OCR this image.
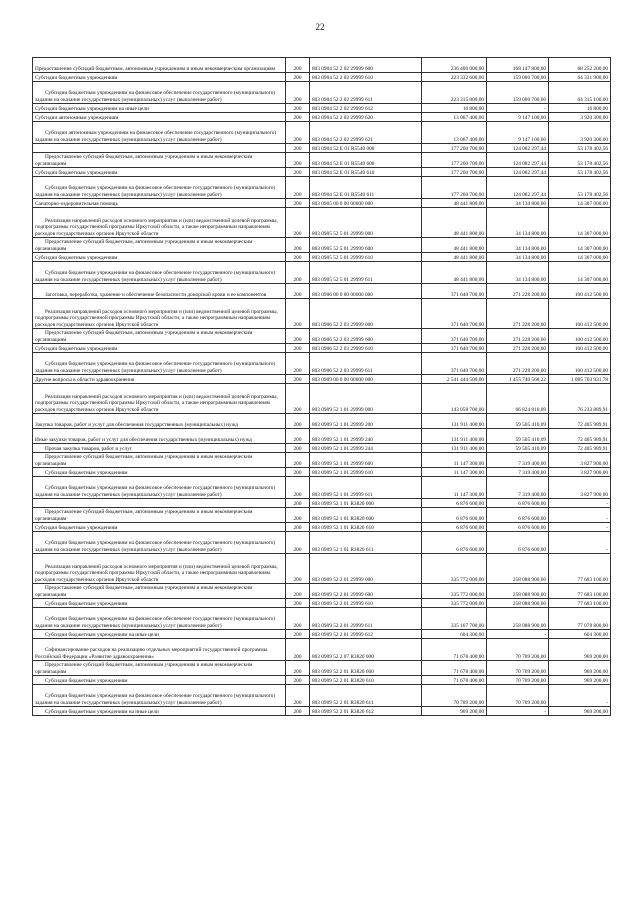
22
Предоставление субсидий бюджетным, автономным учреждениям и иным некоммерческим организациям	200	803 0904 52 2 02 29999 600	236 400 000,00	168 147 800,00	68 252 200,00
Субсидии бюджетным учреждениям	200	803 0904 52 2 02 29999 610	223 332 600,00	159 000 700,00	64 331 900,00
Субсидии бюджетным учреждениям на финансовое обеспечение государственного (муниципального) задания на оказание государственных (муниципальных) услуг (выполнение работ)	200	803 0904 52 2 02 29999 611	223 315 800,00	159 000 700,00	64 315 100,00
Субсидии бюджетным учреждениям на иные цели	200	803 0904 52 2 02 29999 612	16 800,00	-	16 800,00
Субсидии автономным учреждениям	200	803 0904 52 2 02 29999 620	13 067 400,00	9 147 100,00	3 920 300,00
Субсидии автономным учреждениям на финансовое обеспечение государственного (муниципального) задания на оказание государственных (муниципальных) услуг (выполнение работ)	200	803 0904 52 2 02 29999 621	13 067 400,00	9 147 100,00	3 920 300,00
	200	803 0904 52 Е 01 R5540 000	177 260 700,00	124 082 297,44	53 178 402,56
Предоставление субсидий бюджетным, автономным учреждениям и иным некоммерческим организациям	200	803 0904 52 Е 01 R5540 600	177 260 700,00	124 082 297,44	53 178 402,56
Субсидии бюджетным учреждениям	200	803 0904 52 Е 01 R5540 610	177 260 700,00	124 082 297,44	53 178 402,56
Субсидии бюджетным учреждениям на финансовое обеспечение государственного (муниципального) задания на оказание государственных (муниципальных) услуг (выполнение работ)	200	803 0904 52 Е 01 R5540 611	177 260 700,00	124 082 297,44	53 178 402,56
Санаторно-оздоровительная помощь	200	803 0905 00 0 00 00000 000	48 441 800,00	34 134 800,00	14 307 000,00
Реализация направлений расходов основного мероприятия и (или) ведомственной целевой программы, подпрограммы государственной программы Иркутской области, а также непрограммным направлениям расходов государственных органов Иркутской области	200	803 0905 52 5 01 29999 000	48 441 800,00	34 134 800,00	14 307 000,00
Предоставление субсидий бюджетным, автономным учреждениям и иным некоммерческим организациям	200	803 0905 52 5 01 29999 600	48 441 800,00	34 134 800,00	14 307 000,00
Субсидии бюджетным учреждениям	200	803 0905 52 5 01 29999 610	48 441 800,00	34 134 800,00	14 307 000,00
Субсидии бюджетным учреждениям на финансовое обеспечение государственного (муниципального) задания на оказание государственных (муниципальных) услуг (выполнение работ)	200	803 0905 52 5 01 29999 611	48 441 800,00	34 134 800,00	14 307 000,00
Заготовка, переработка, хранение и обеспечение безопасности донорской крови и ее компонентов	200	803 0906 00 0 00 00000 000	371 640 700,00	271 228 200,00	100 412 500,00
Реализация направлений расходов основного мероприятия и (или) ведомственной целевой программы, подпрограммы государственной программы Иркутской области, а также непрограммным направлениям расходов государственных органов Иркутской области	200	803 0906 52 2 03 29999 000	371 640 700,00	271 228 200,00	100 412 500,00
Предоставление субсидий бюджетным, автономным учреждениям и иным некоммерческим организациям	200	803 0906 52 2 03 29999 600	371 640 700,00	271 228 200,00	100 412 500,00
Субсидии бюджетным учреждениям	200	803 0906 52 2 03 29999 610	371 640 700,00	271 228 200,00	100 412 500,00
Субсидии бюджетным учреждениям на финансовое обеспечение государственного (муниципального) задания на оказание государственных (муниципальных) услуг (выполнение работ)	200	803 0906 52 2 03 29999 611	371 640 700,00	271 228 200,00	100 412 500,00
Другие вопросы в области здравоохранения	200	803 0909 00 0 00 00000 000	2 541 444 500,00	1 455 740 568,22	1 085 703 931,78
Реализация направлений расходов основного мероприятия и (или) ведомственной целевой программы, подпрограммы государственной программы Иркутской области, а также непрограммным направлениям расходов государственных органов Иркутской области	200	803 0909 52 1 01 29999 000	143 058 700,00	66 824 810,09	76 233 889,91
Закупка товаров, работ и услуг для обеспечения государственных (муниципальных) нужд	200	803 0909 52 1 01 29999 200	131 911 400,00	59 505 410,09	72 405 989,91
Иные закупки товаров, работ и услуг для обеспечения государственных (муниципальных) нужд	200	803 0909 52 1 01 29999 240	131 911 400,00	59 505 410,09	72 405 989,91
Прочая закупка товаров, работ и услуг	200	803 0909 52 1 01 29999 244	131 911 400,00	59 505 410,09	72 405 989,91
Предоставление субсидий бюджетным, автономным учреждениям и иным некоммерческим организациям	200	803 0909 52 1 01 29999 600	11 147 300,00	7 319 400,00	3 827 900,00
Субсидии бюджетным учреждениям	200	803 0909 52 1 01 29999 610	11 147 300,00	7 319 400,00	3 827 900,00
Субсидии бюджетным учреждениям на финансовое обеспечение государственного (муниципального) задания на оказание государственных (муниципальных) услуг (выполнение работ)	200	803 0909 52 1 01 29999 611	11 147 300,00	7 319 400,00	3 827 900,00
	200	803 0909 52 1 01 R3820 000	6 876 600,00	6 876 600,00	-
Предоставление субсидий бюджетным, автономным учреждениям и иным некоммерческим организациям	200	803 0909 52 1 01 R3820 600	6 876 600,00	6 876 600,00	-
Субсидии бюджетным учреждениям	200	803 0909 52 1 01 R3820 610	6 876 600,00	6 876 600,00	-
Субсидии бюджетным учреждениям на финансовое обеспечение государственного (муниципального) задания на оказание государственных (муниципальных) услуг (выполнение работ)	200	803 0909 52 1 01 R3820 611	6 876 600,00	6 876 600,00	-
Реализация направлений расходов основного мероприятия и (или) ведомственной целевой программы, подпрограммы государственной программы Иркутской области, а также непрограммным направлениям расходов государственных органов Иркутской области	200	803 0909 52 2 01 29999 000	335 772 000,00	258 088 900,00	77 683 100,00
Предоставление субсидий бюджетным, автономным учреждениям и иным некоммерческим организациям	200	803 0909 52 2 01 29999 600	335 772 000,00	258 088 900,00	77 683 100,00
Субсидии бюджетным учреждениям	200	803 0909 52 2 01 29999 610	335 772 000,00	258 088 900,00	77 683 100,00
Субсидии бюджетным учреждениям на финансовое обеспечение государственного (муниципального) задания на оказание государственных (муниципальных) услуг (выполнение работ)	200	803 0909 52 2 01 29999 611	335 167 700,00	258 088 900,00	77 078 800,00
Субсидии бюджетным учреждениям на иные цели	200	803 0909 52 2 01 29999 612	604 300,00	-	604 300,00
Софинансирование расходов на реализацию отдельных мероприятий государственной программы Российской Федерации «Развитие здравоохранения»	200	803 0909 52 2 07 R3820 000	71 678 400,00	70 709 200,00	969 200,00
Предоставление субсидий бюджетным, автономным учреждениям и иным некоммерческим организациям	200	803 0909 52 2 01 R3820 600	71 678 400,00	70 709 200,00	969 200,00
Субсидии бюджетным учреждениям	200	803 0909 52 2 01 R3820 610	71 678 400,00	70 709 200,00	969 200,00
Субсидии бюджетным учреждениям на финансовое обеспечение государственного (муниципального) задания на оказание государственных (муниципальных) услуг (выполнение работ)	200	803 0909 52 2 01 R3820 611	70 709 200,00	70 709 200,00	-
Субсидии бюджетным учреждениям на иные цели	200	803 0909 52 2 01 R3820 612	969 200,00	-	969 200,00
